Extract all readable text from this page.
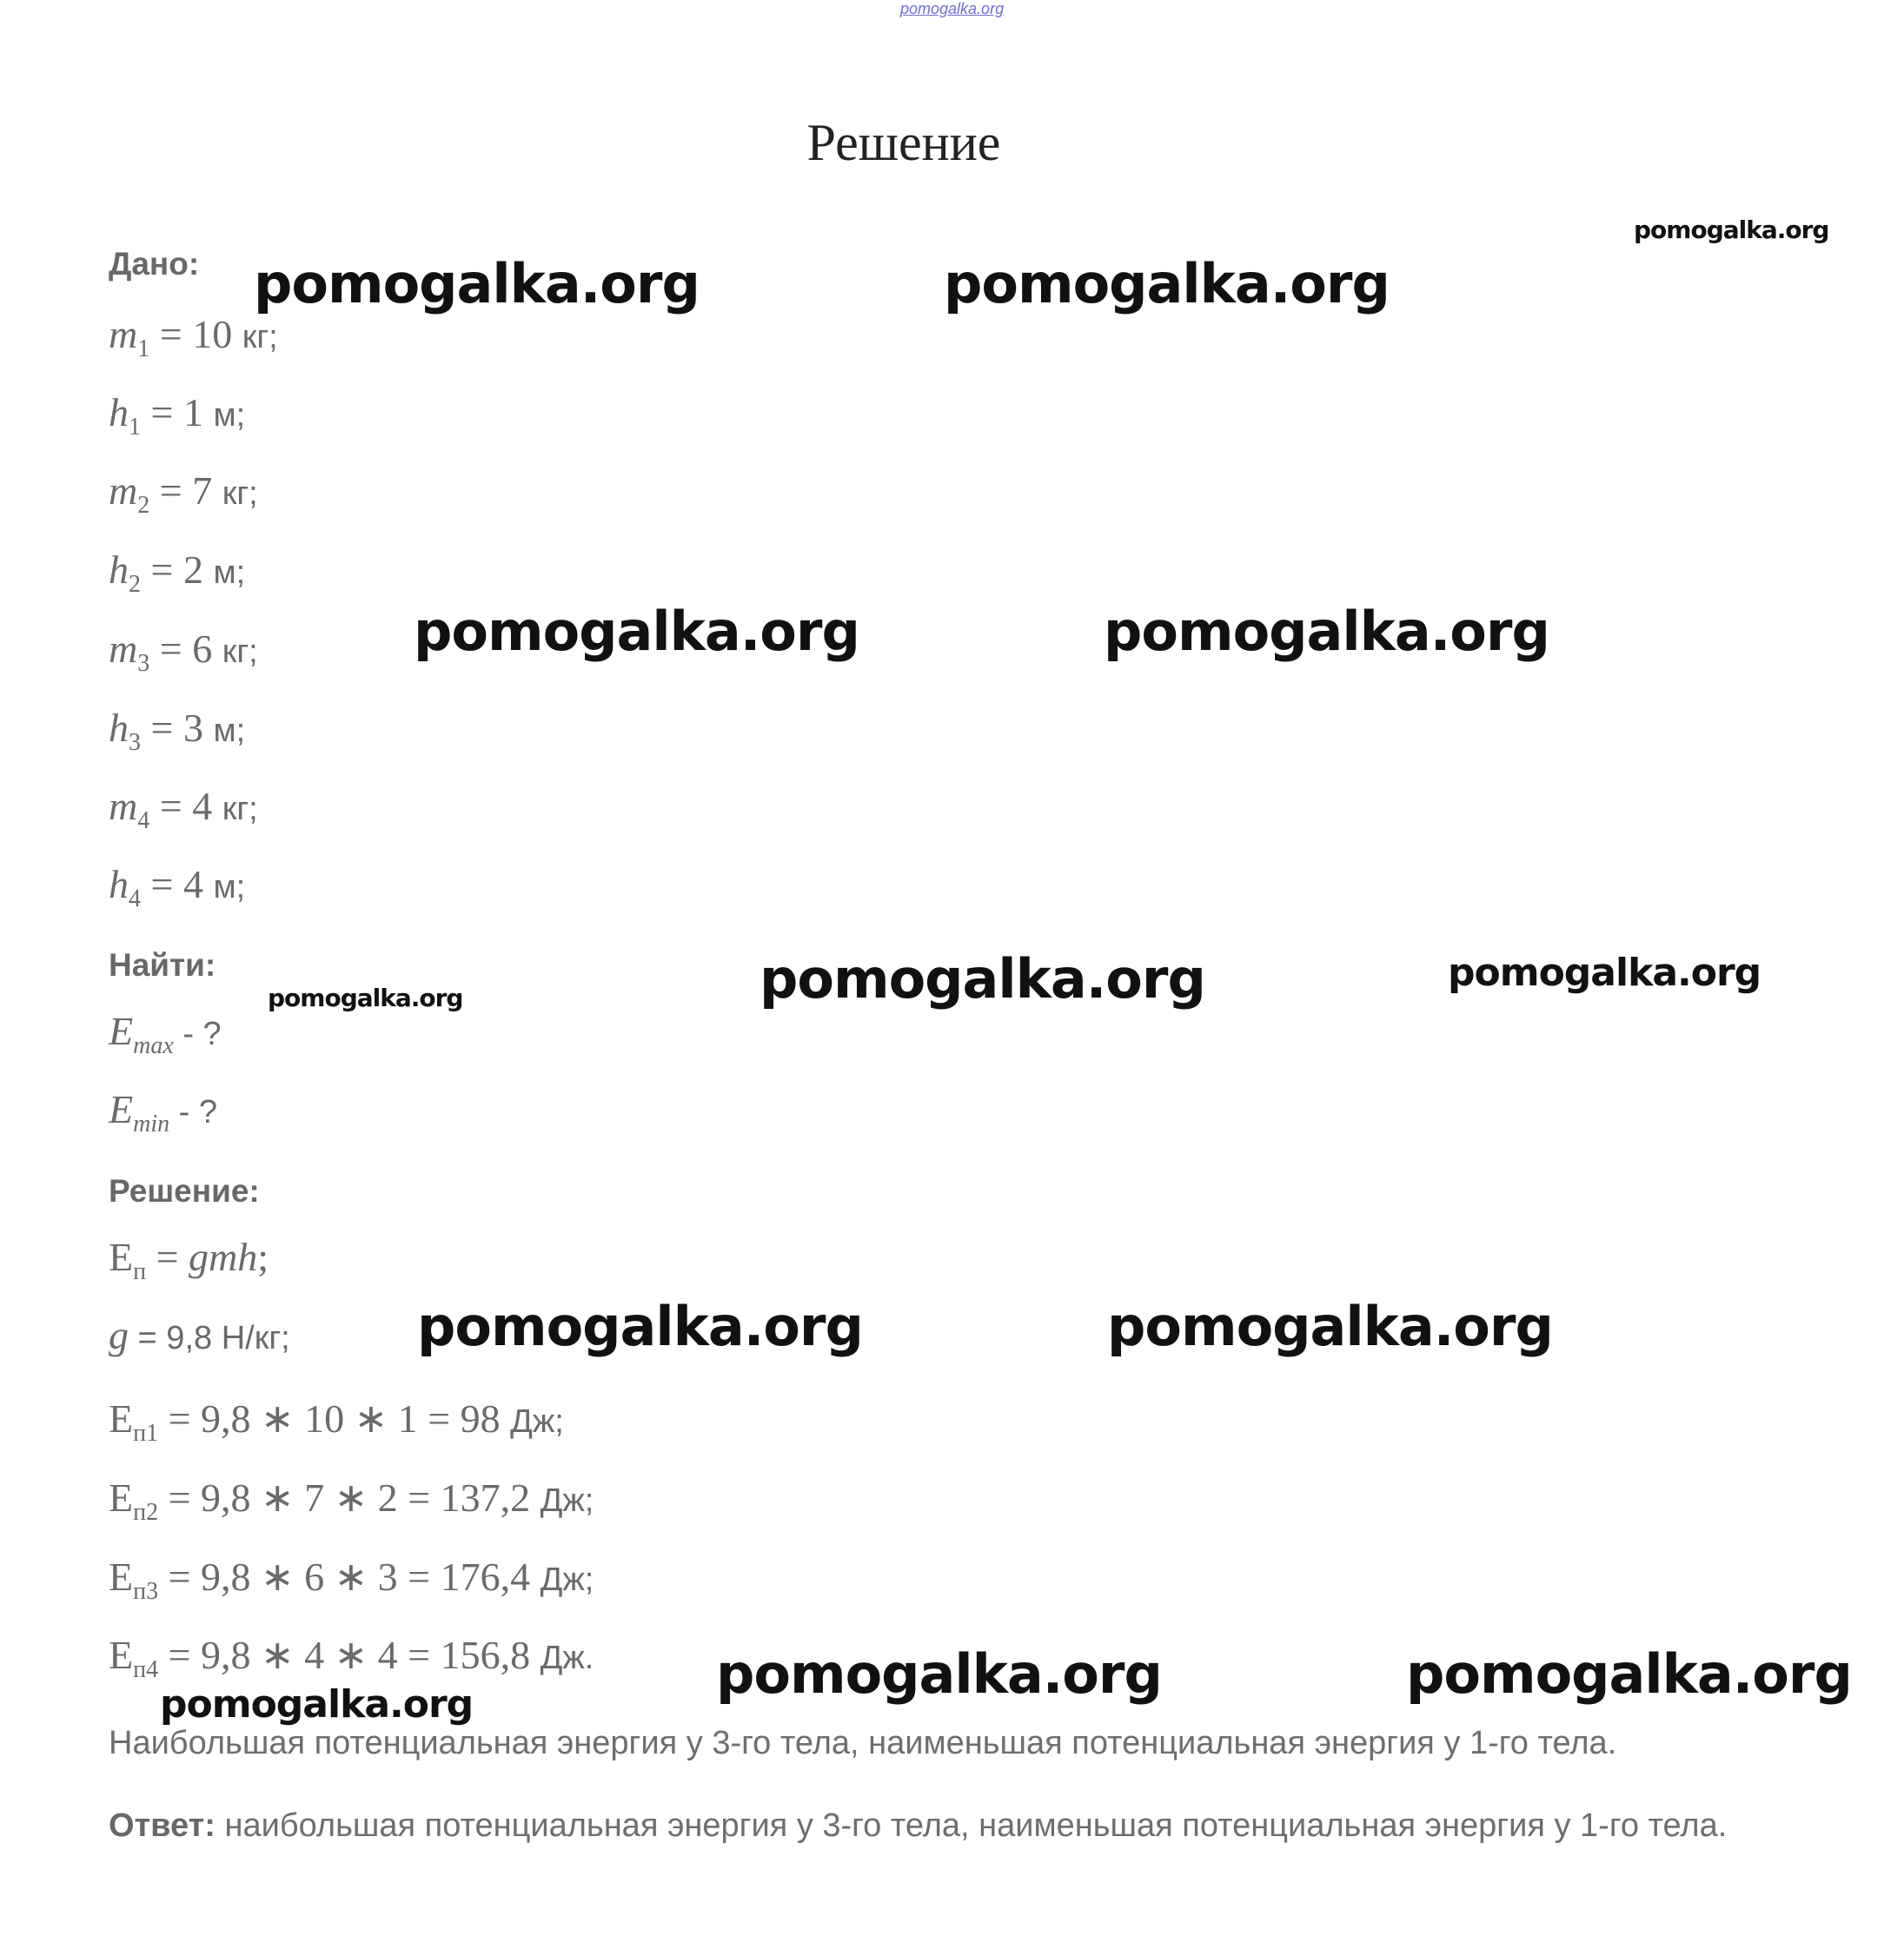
pomogalka.org
Решение
Дано:
$m_1 = 10$ кг;
$h_1 = 1$ м;
$m_2 = 7$ кг;
$h_2 = 2$ м;
$m_3 = 6$ кг;
$h_3 = 3$ м;
$m_4 = 4$ кг;
$h_4 = 4$ м;
Найти:
$E_{max}$ - ?
$E_{min}$ - ?
Решение:
$E_п$ = gmh;
g = 9,8 Н/кг;
$E_{п1} = 9,8$ ∗ 10 ∗ 1 = 98 Дж;
$E_{п2} = 9,8$ ∗ 7 ∗ 2 = 137,2 Дж;
$E_{п3} = 9,8$ ∗ 6 ∗ 3 = 176,4 Дж;
$E_{п4} = 9,8$ ∗ 4 ∗ 4 = 156,8 Дж.
Наибольшая потенциальная энергия у 3-го тела, наименьшая потенциальная энергия у 1-го тела.
Ответ: наибольшая потенциальная энергия у 3-го тела, наименьшая потенциальная энергия у 1-го тела.
pomogalka.org
pomogalka.org	pomogalka.org
pomogalka.org	pomogalka.org
pomogalka.org	pomogalka.org
pomogalka.org
pomogalka.org	pomogalka.org
pomogalka.org	pomogalka.org
pomogalka.org
